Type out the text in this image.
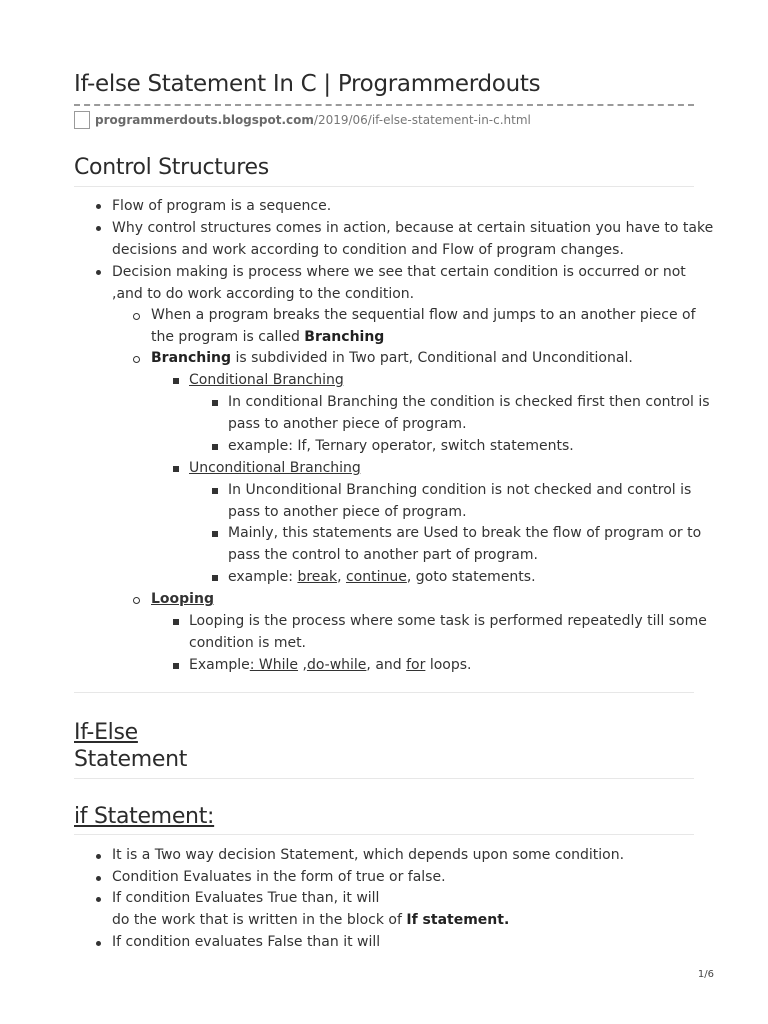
If-else Statement In C | Programmerdouts
programmerdouts.blogspot.com /2019/06/if-else-statement-in-c.html
Control Structures
Flow of program is a sequence.
Why control structures comes in action, because at certain situation you have to take
decisions and work according to condition and Flow of program changes.
Decision making is process where we see that certain condition is occurred or not
,and to do work according to the condition.
When a program breaks the sequential flow and jumps to an another piece of
the program is called Branching
Branching is subdivided in Two part, Conditional and Unconditional.
Conditional Branching
In conditional Branching the condition is checked first then control is
pass to another piece of program.
example: If, Ternary operator, switch statements.
Unconditional Branching
In Unconditional Branching condition is not checked and control is
pass to another piece of program.
Mainly, this statements are Used to break the flow of program or to
pass the control to another part of program.
example: break, continue, goto statements.
Looping
Looping is the process where some task is performed repeatedly till some
condition is met.
Example: While ,do-while, and for loops.
If-Else
Statement
if Statement:
It is a Two way decision Statement, which depends upon some condition.
Condition Evaluates in the form of true or false.
If condition Evaluates True than, it will
do the work that is written in the block of If statement.
If condition evaluates False than it will
1/6
